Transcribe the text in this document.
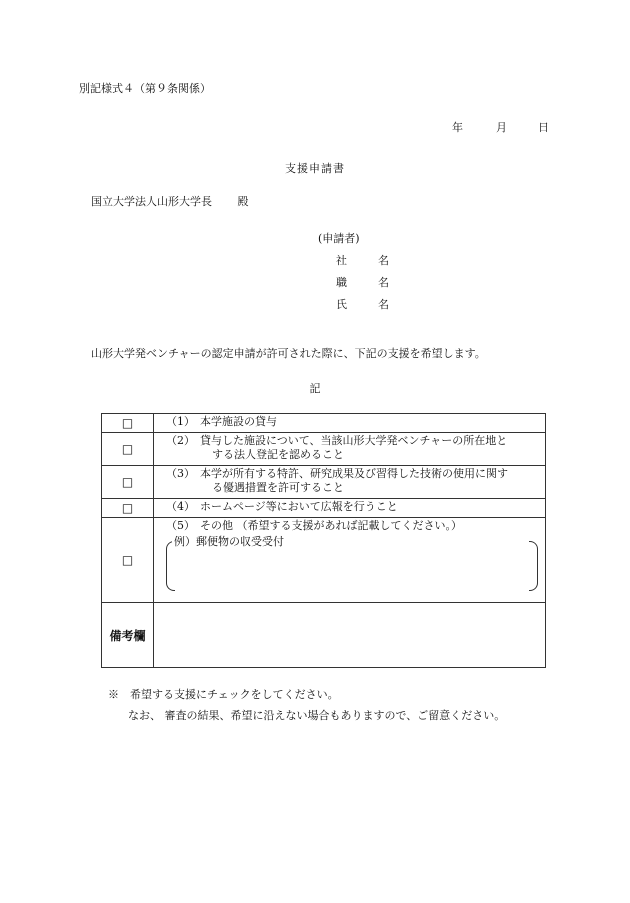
別記様式４（第９条関係）
年	月	日
支援申請書
国立大学法人山形大学長 殿
(申請者)
社　名
職　名
氏　名
山形大学発ベンチャーの認定申請が許可された際に、下記の支援を希望します。
記
□	（1） 本学施設の貸与
□	（2） 貸与した施設について、当該山形大学発ベンチャーの所在地と
する法人登記を認めること

□	（3） 本学が所有する特許、研究成果及び習得した技術の使用に関す
る優遇措置を許可すること

□	（4） ホームページ等において広報を行うこと
□	（5） その他 （希望する支援があれば記載してください。）
例）郵便物の収受受付

備考欄	
※　希望する支援にチェックをしてください。
なお、 審査の結果、希望に沿えない場合もありますので、ご留意ください。
